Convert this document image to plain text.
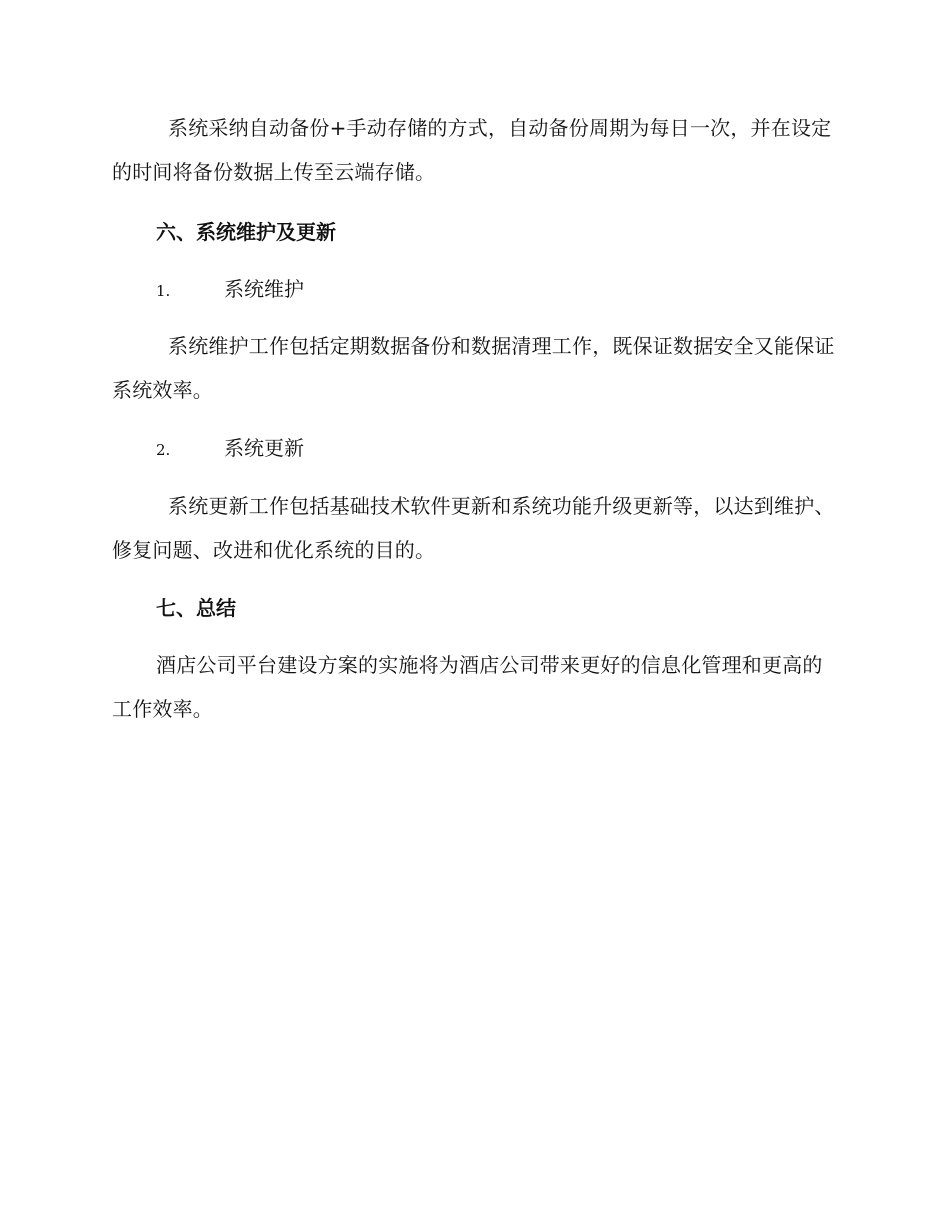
系统采纳自动备份+手动存储的方式，自动备份周期为每日一次，并在设定的时间将备份数据上传至云端存储。

六、系统维护及更新
1.	系统维护

系统维护工作包括定期数据备份和数据清理工作，既保证数据安全又能保证系统效率。

2.	系统更新

系统更新工作包括基础技术软件更新和系统功能升级更新等，以达到维护、修复问题、改进和优化系统的目的。

七、总结

酒店公司平台建设方案的实施将为酒店公司带来更好的信息化管理和更高的工作效率。
